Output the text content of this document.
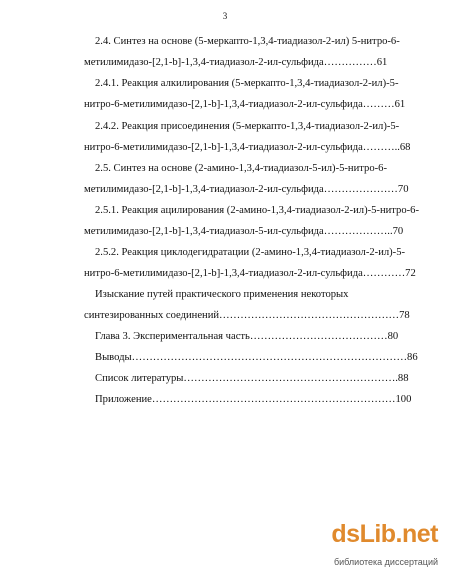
3
2.4. Синтез на основе (5-меркапто-1,3,4-тиадиазол-2-ил) 5-нитро-6-
метилимидазо-[2,1-b]-1,3,4-тиадиазол-2-ил-сульфида……………61
2.4.1. Реакция алкилирования (5-меркапто-1,3,4-тиадиазол-2-ил)-5-
нитро-6-метилимидазо-[2,1-b]-1,3,4-тиадиазол-2-ил-сульфида………61
2.4.2. Реакция присоединения (5-меркапто-1,3,4-тиадиазол-2-ил)-5-
нитро-6-метилимидазо-[2,1-b]-1,3,4-тиадиазол-2-ил-сульфида………..68
2.5. Синтез на основе (2-амино-1,3,4-тиадиазол-5-ил)-5-нитро-6-
метилимидазо-[2,1-b]-1,3,4-тиадиазол-2-ил-сульфида…………………70
2.5.1. Реакция ацилирования (2-амино-1,3,4-тиадиазол-2-ил)-5-нитро-6-
метилимидазо-[2,1-b]-1,3,4-тиадиазол-5-ил-сульфида………………..70
2.5.2. Реакция циклодегидратации (2-амино-1,3,4-тиадиазол-2-ил)-5-
нитро-6-метилимидазо-[2,1-b]-1,3,4-тиадиазол-2-ил-сульфида…………72
Изыскание путей практического применения некоторых
синтезированных соединений……………………………………………78
Глава 3. Экспериментальная часть…………………………………80
Выводы……………………………………………………………………86
Список литературы…………………………………………………….88
Приложение……………………………………………………………100
dsLib.net
библиотека диссертаций
